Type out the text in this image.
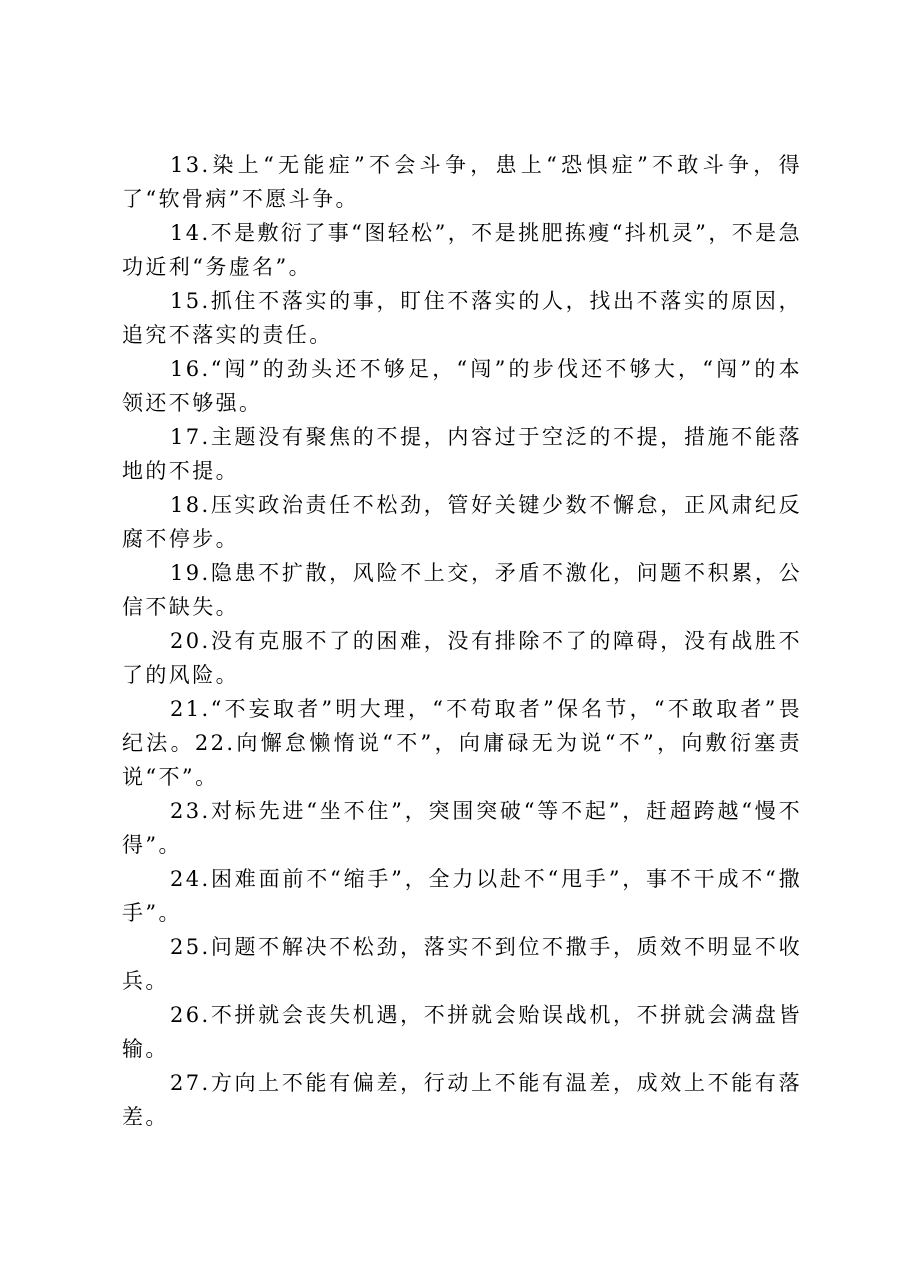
13.染上“无能症”不会斗争，患上“恐惧症”不敢斗争，得了“软骨病”不愿斗争。

14.不是敷衍了事“图轻松”，不是挑肥拣瘦“抖机灵”，不是急功近利“务虚名”。

15.抓住不落实的事，盯住不落实的人，找出不落实的原因，追究不落实的责任。

16.“闯”的劲头还不够足，“闯”的步伐还不够大，“闯”的本领还不够强。

17.主题没有聚焦的不提，内容过于空泛的不提，措施不能落地的不提。

18.压实政治责任不松劲，管好关键少数不懈怠，正风肃纪反腐不停步。

19.隐患不扩散，风险不上交，矛盾不激化，问题不积累，公信不缺失。

20.没有克服不了的困难，没有排除不了的障碍，没有战胜不了的风险。

21.“不妄取者”明大理，“不苟取者”保名节，“不敢取者”畏纪法。22.向懈怠懒惰说“不”，向庸碌无为说“不”，向敷衍塞责说“不”。

23.对标先进“坐不住”，突围突破“等不起”，赶超跨越“慢不得”。

24.困难面前不“缩手”，全力以赴不“甩手”，事不干成不“撒手”。

25.问题不解决不松劲，落实不到位不撒手，质效不明显不收兵。

26.不拼就会丧失机遇，不拼就会贻误战机，不拼就会满盘皆输。

27.方向上不能有偏差，行动上不能有温差，成效上不能有落差。
